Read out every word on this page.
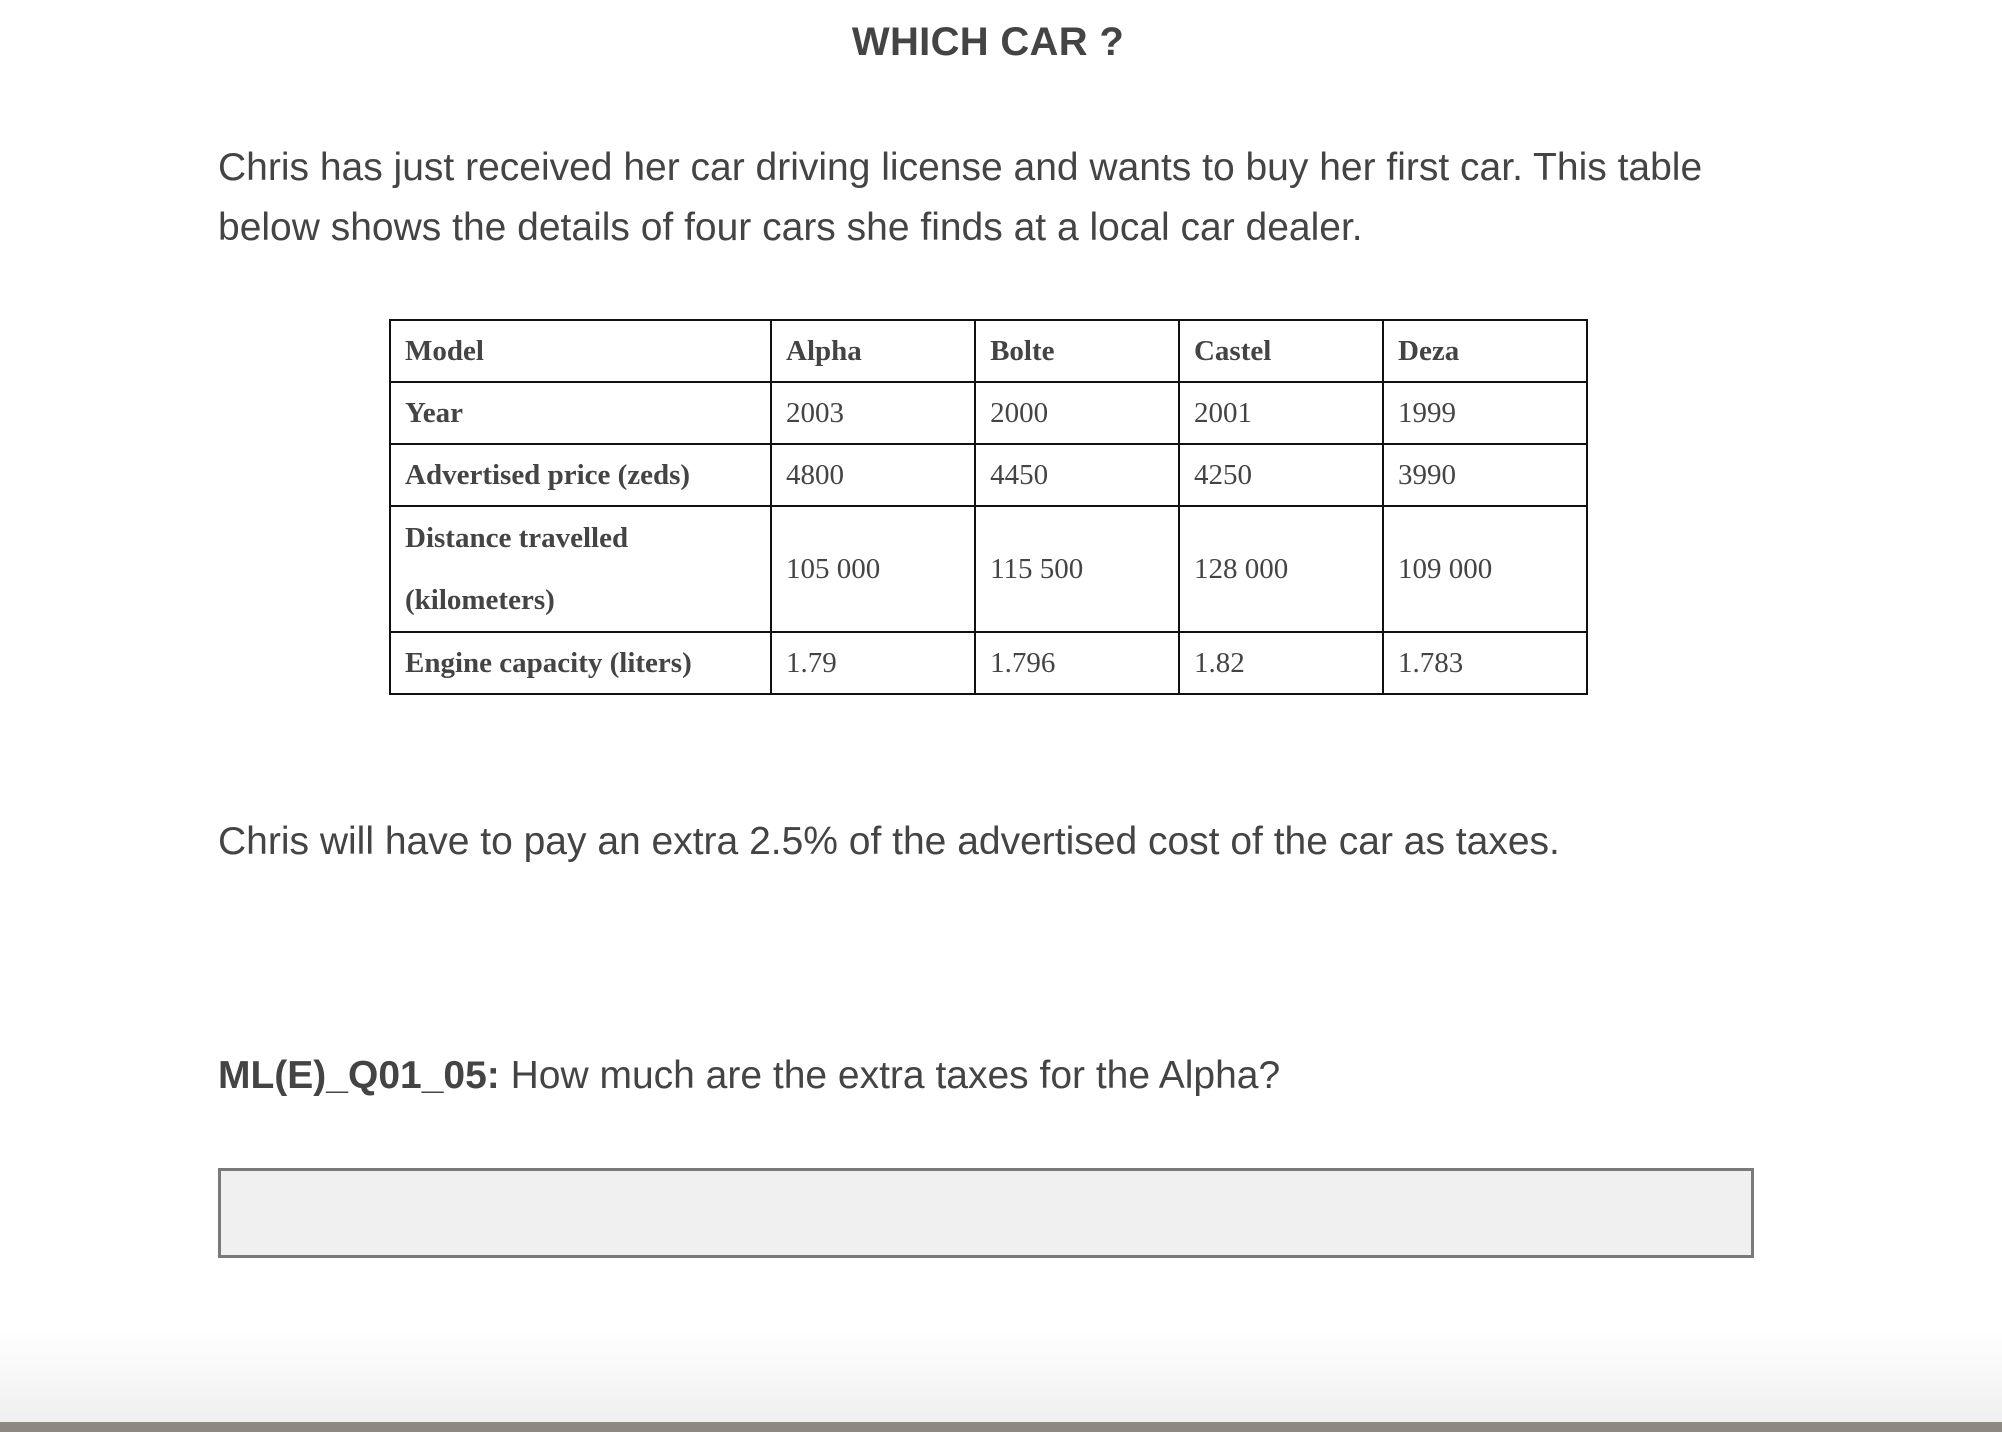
WHICH CAR ?

Chris has just received her car driving license and wants to buy her first car. This table below shows the details of four cars she finds at a local car dealer.

Model	Alpha	Bolte	Castel	Deza
Year	2003	2000	2001	1999
Advertised price (zeds)	4800	4450	4250	3990

Distance travelled
(kilometers)	105 000	115 500	128 000	109 000
Engine capacity (liters)	1.79	1.796	1.82	1.783

Chris will have to pay an extra 2.5% of the advertised cost of the car as taxes.

ML(E)_Q01_05: How much are the extra taxes for the Alpha?
